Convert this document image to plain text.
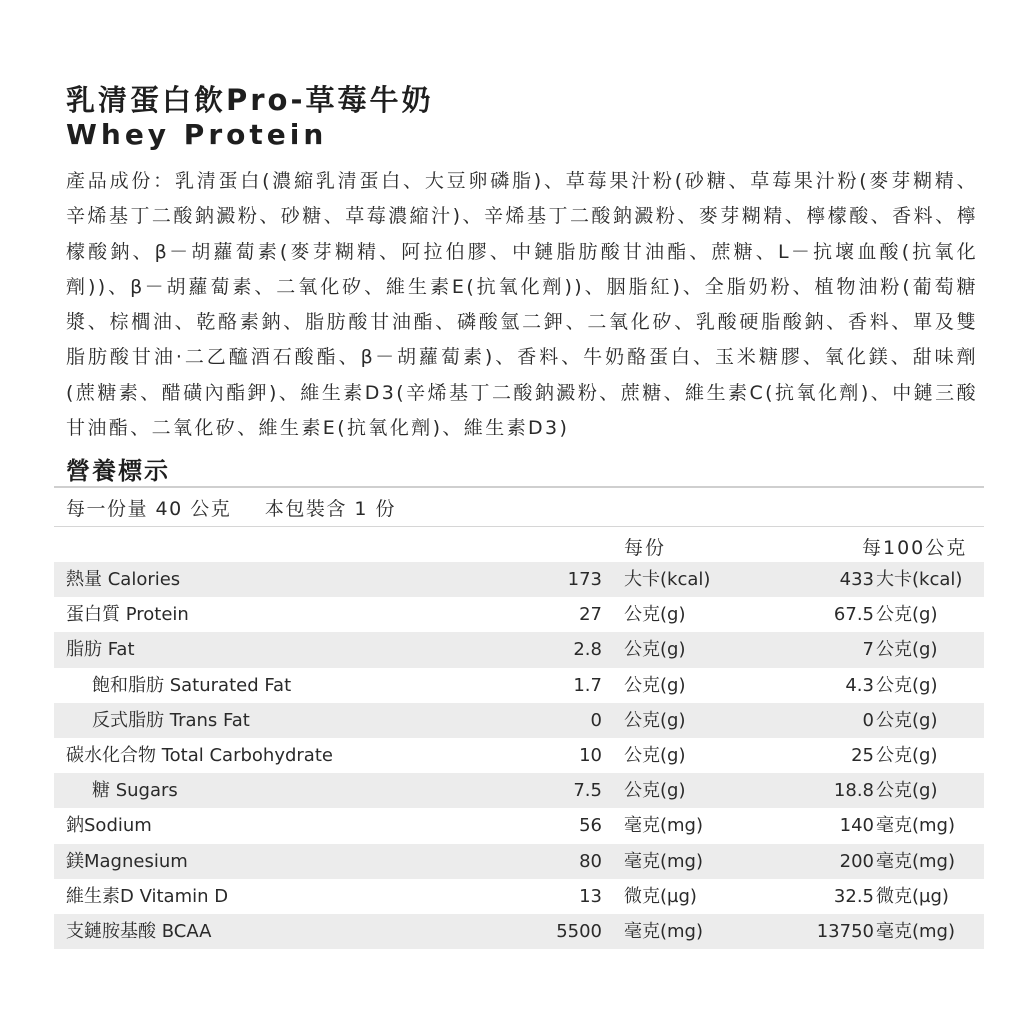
乳清蛋白飲Pro-草莓牛奶
Whey Protein

產品成份：乳清蛋白(濃縮乳清蛋白、大豆卵磷脂)、草莓果汁粉(砂糖、草莓果汁粉(麥芽糊精、辛烯基丁二酸鈉澱粉、砂糖、草莓濃縮汁)、辛烯基丁二酸鈉澱粉、麥芽糊精、檸檬酸、香料、檸檬酸鈉、β－胡蘿蔔素(麥芽糊精、阿拉伯膠、中鏈脂肪酸甘油酯、蔗糖、L－抗壞血酸(抗氧化劑))、β－胡蘿蔔素、二氧化矽、維生素E(抗氧化劑))、胭脂紅)、全脂奶粉、植物油粉(葡萄糖漿、棕櫚油、乾酪素鈉、脂肪酸甘油酯、磷酸氫二鉀、二氧化矽、乳酸硬脂酸鈉、香料、單及雙脂肪酸甘油·二乙醯酒石酸酯、β－胡蘿蔔素)、香料、牛奶酪蛋白、玉米糖膠、氧化鎂、甜味劑(蔗糖素、醋磺內酯鉀)、維生素D3(辛烯基丁二酸鈉澱粉、蔗糖、維生素C(抗氧化劑)、中鏈三酸甘油酯、二氧化矽、維生素E(抗氧化劑)、維生素D3)

營養標示
每一份量 40 公克 本包裝含 1 份
每份	每100公克
熱量 Calories	173 大卡(kcal)	433 大卡(kcal)
蛋白質 Protein	27 公克(g)	67.5 公克(g)
脂肪 Fat	2.8 公克(g)	7 公克(g)
飽和脂肪 Saturated Fat	1.7 公克(g)	4.3 公克(g)
反式脂肪 Trans Fat	0 公克(g)	0 公克(g)
碳水化合物 Total Carbohydrate	10 公克(g)	25 公克(g)
糖 Sugars	7.5 公克(g)	18.8 公克(g)
鈉Sodium	56 毫克(mg)	140 毫克(mg)
鎂Magnesium	80 毫克(mg)	200 毫克(mg)
維生素D Vitamin D	13 微克(µg)	32.5 微克(µg)
支鏈胺基酸 BCAA	5500 毫克(mg)	13750 毫克(mg)
